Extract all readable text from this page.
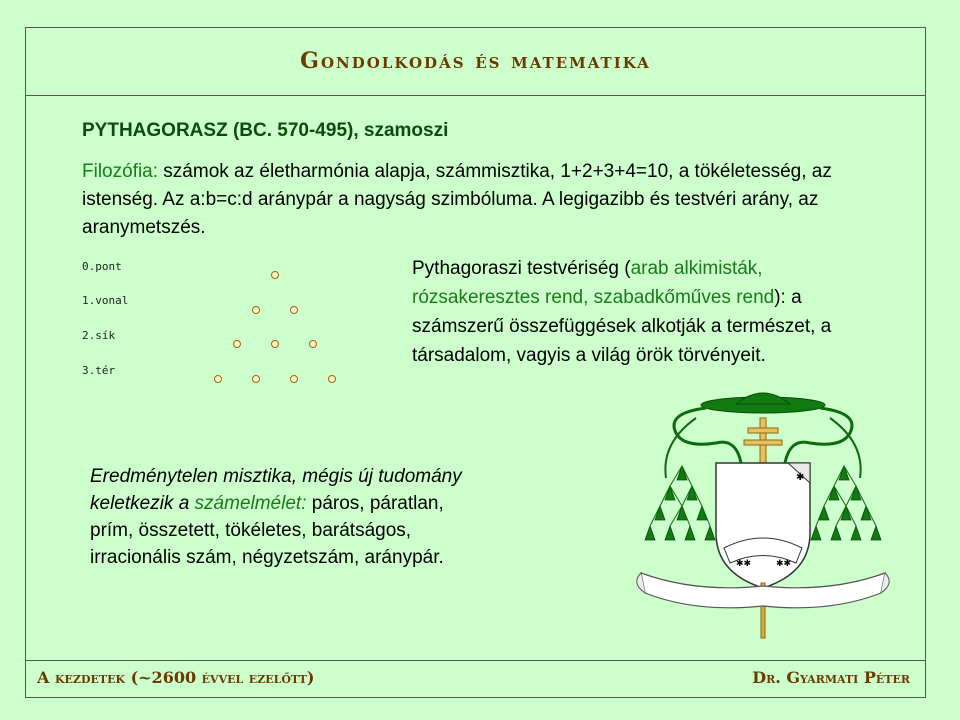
Gondolkodás és matematika
PYTHAGORASZ (BC. 570-495), szamoszi
Filozófia: számok az életharmónia alapja, számmisztika, 1+2+3+4=10, a tökéletesség, az istenség. Az a:b=c:d aránypár a nagyság szimbóluma. A legigazibb és testvéri arány, az aranymetszés.
0.pont
1.vonal
2.sík
3.tér
Pythagoraszi testvériség (arab alkimisták, rózsakeresztes rend, szabadkőműves rend): a számszerű összefüggések alkotják a természet, a társadalom, vagyis a világ örök törvényeit.
Eredménytelen misztika, mégis új tudomány keletkezik a számelmélet: páros, páratlan, prím, összetett, tökéletes, barátságos, irracionális szám, négyzetszám, aránypár.
✱
✱✱	✱✱
A kezdetek (~2600 évvel ezelőtt)	Dr. Gyarmati Péter
